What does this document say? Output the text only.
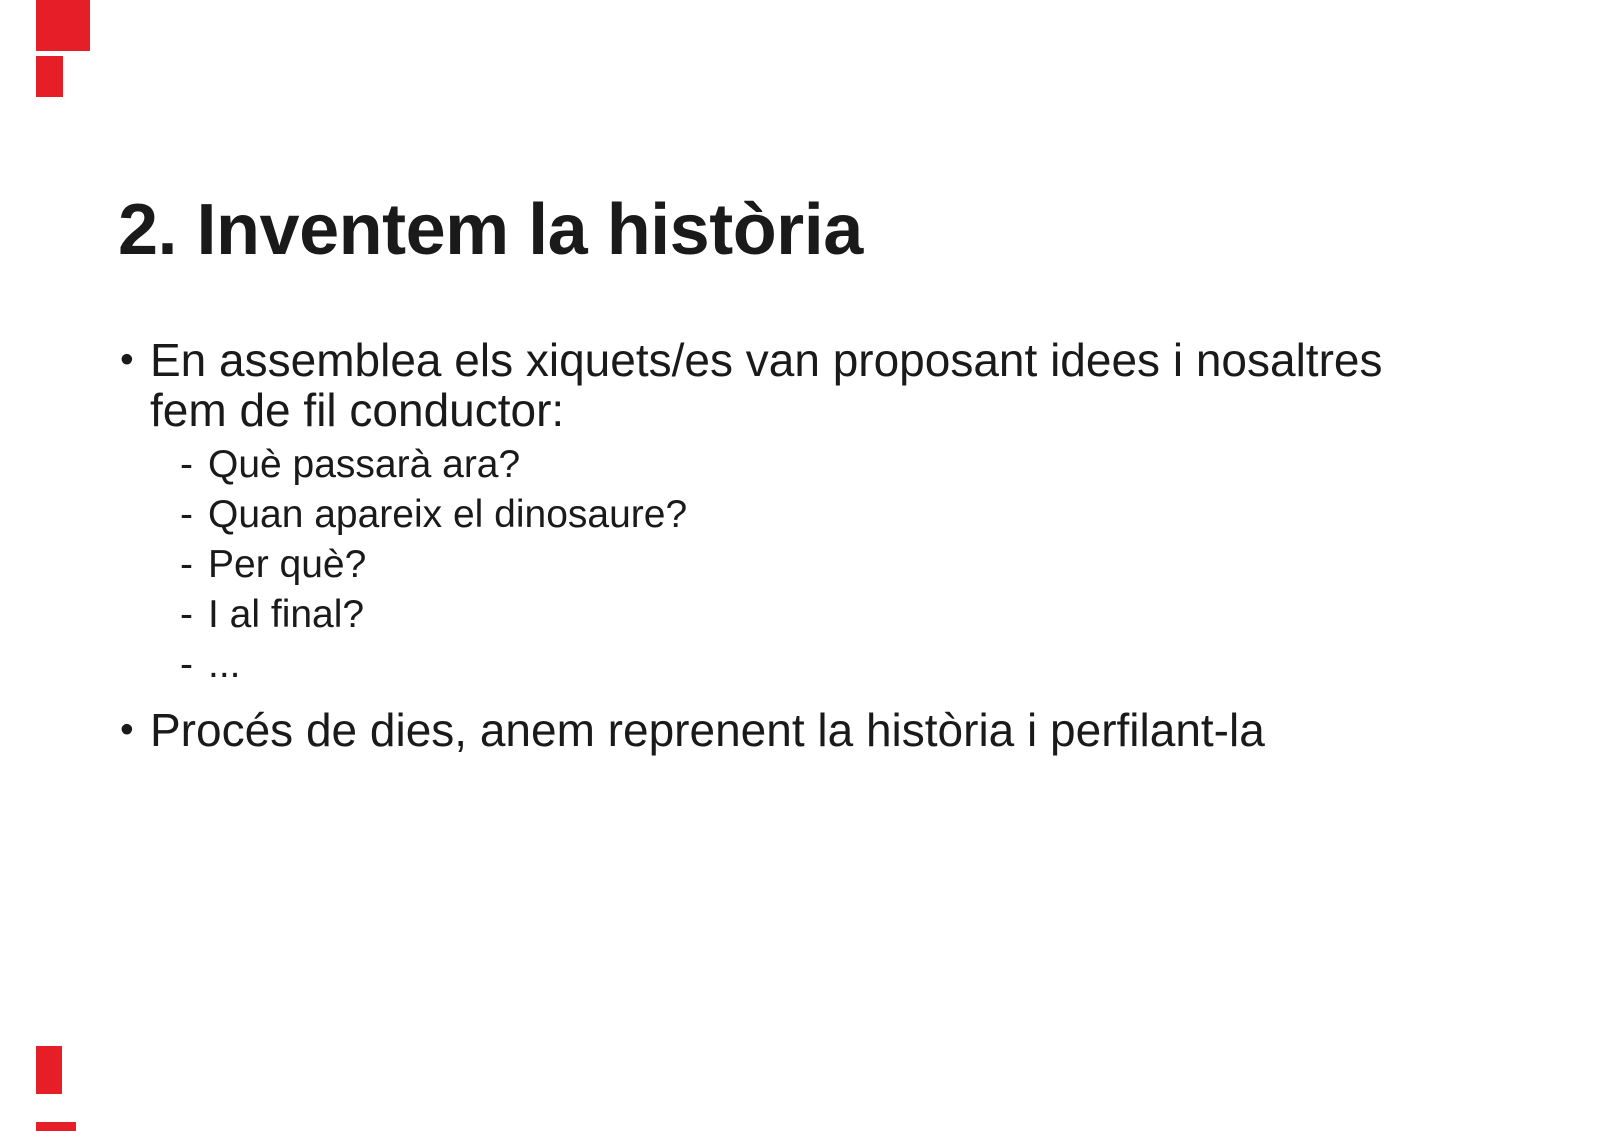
2. Inventem la història
• En assemblea els xiquets/es van proposant idees i nosaltres fem de fil conductor:
- Què passarà ara?
- Quan apareix el dinosaure?
- Per què?
- I al final?
- ...
• Procés de dies, anem reprenent la història i perfilant-la
